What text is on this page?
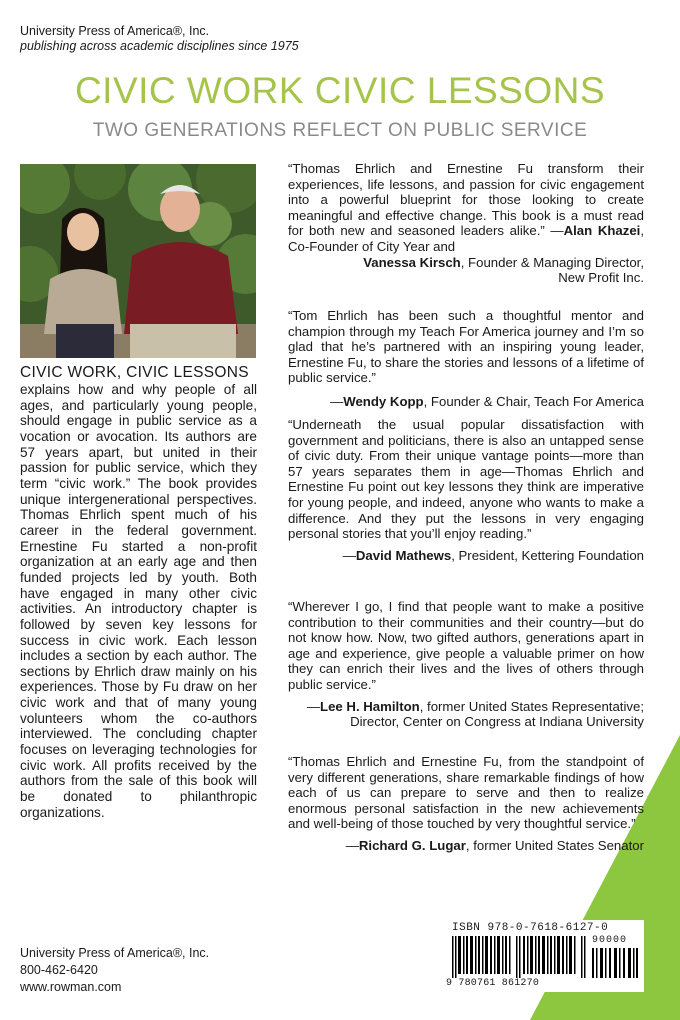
University Press of America®, Inc.
publishing across academic disciplines since 1975
CIVIC WORK CIVIC LESSONS
TWO GENERATIONS REFLECT ON PUBLIC SERVICE
CIVIC WORK, CIVIC LESSONS
explains how and why people of all ages, and particularly young people, should engage in public service as a vocation or avocation. Its authors are 57 years apart, but united in their passion for public service, which they term “civic work.” The book provides unique intergenerational perspectives. Thomas Ehrlich spent much of his career in the federal government. Ernestine Fu started a non-profit organization at an early age and then funded projects led by youth. Both have engaged in many other civic activities. An introductory chapter is followed by seven key lessons for success in civic work. Each lesson includes a section by each author. The sections by Ehrlich draw mainly on his experiences. Those by Fu draw on her civic work and that of many young volunteers whom the co-authors interviewed. The concluding chapter focuses on leveraging technologies for civic work. All profits received by the authors from the sale of this book will be donated to philanthropic organizations.
“Thomas Ehrlich and Ernestine Fu transform their experiences, life lessons, and passion for civic engagement into a powerful blueprint for those looking to create meaningful and effective change. This book is a must read for both new and seasoned leaders alike.” —Alan Khazei, Co-Founder of City Year and
Vanessa Kirsch, Founder & Managing Director,
New Profit Inc.
“Tom Ehrlich has been such a thoughtful mentor and champion through my Teach For America journey and I’m so glad that he’s partnered with an inspiring young leader, Ernestine Fu, to share the stories and lessons of a lifetime of public service.”
—Wendy Kopp, Founder & Chair, Teach For America
“Underneath the usual popular dissatisfaction with government and politicians, there is also an untapped sense of civic duty. From their unique vantage points—more than 57 years separates them in age—Thomas Ehrlich and Ernestine Fu point out key lessons they think are imperative for young people, and indeed, anyone who wants to make a difference. And they put the lessons in very engaging personal stories that you’ll enjoy reading.”
—David Mathews, President, Kettering Foundation
“Wherever I go, I find that people want to make a positive contribution to their communities and their country—but do not know how. Now, two gifted authors, generations apart in age and experience, give people a valuable primer on how they can enrich their lives and the lives of others through public service.”
—Lee H. Hamilton, former United States Representative;
Director, Center on Congress at Indiana University
“Thomas Ehrlich and Ernestine Fu, from the standpoint of very different generations, share remarkable findings of how each of us can prepare to serve and then to realize enormous personal satisfaction in the new achievements and well-being of those touched by very thoughtful service.”
—Richard G. Lugar, former United States Senator
University Press of America®, Inc.
800-462-6420
www.rowman.com
ISBN 978-0-7618-6127-0
90000
9 780761 861270
